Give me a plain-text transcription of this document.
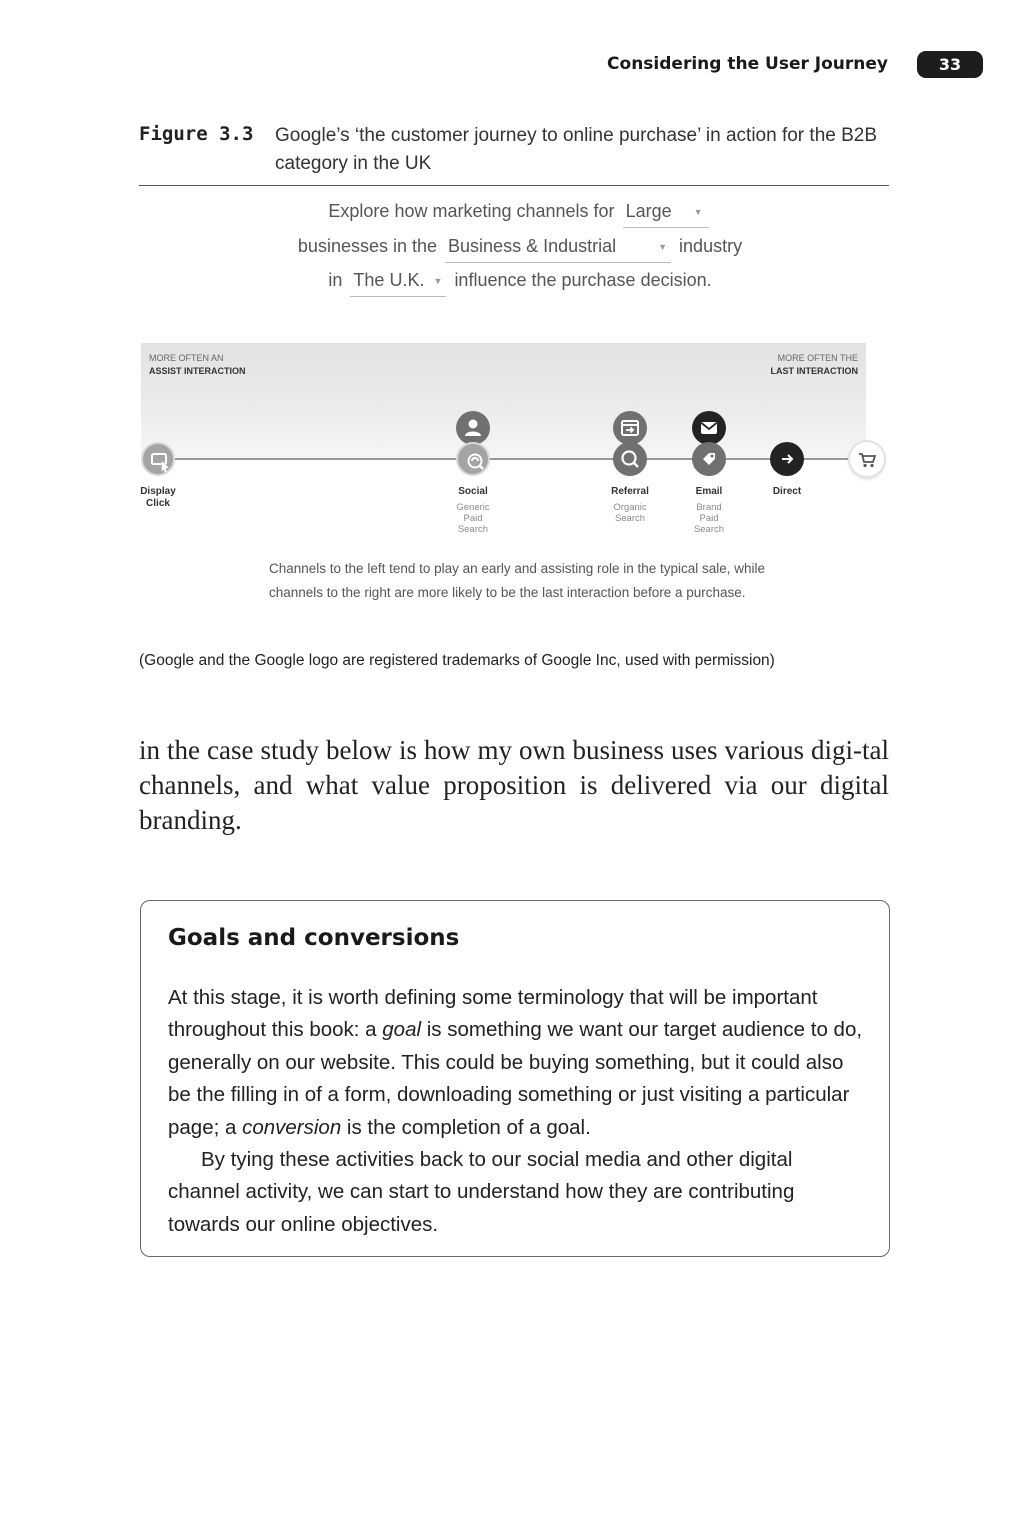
Considering the User Journey	33
Figure 3.3 Google’s ‘the customer journey to online purchase’ in action for the B2B category in the UK
Explore how marketing channels for Large ▼
businesses in the Business & Industrial	▼ industry
in The U.K. ▼ influence the purchase decision.
MORE OFTEN AN
ASSIST INTERACTION
MORE OFTEN THE
LAST INTERACTION
Display
Click
Social
Generic
Paid
Search
Referral
Organic
Search
Email
Brand
Paid
Search
Direct
Channels to the left tend to play an early and assisting role in the typical sale, while channels to the right are more likely to be the last interaction before a purchase.
(Google and the Google logo are registered trademarks of Google Inc, used with permission)
in the case study below is how my own business uses various digi-tal channels, and what value proposition is delivered via our digital branding.
Goals and conversions

At this stage, it is worth defining some terminology that will be important throughout this book: a goal is something we want our target audience to do, generally on our website. This could be buying something, but it could also be the filling in of a form, downloading something or just visiting a particular page; a conversion is the completion of a goal.

By tying these activities back to our social media and other digital channel activity, we can start to understand how they are contributing towards our online objectives.
